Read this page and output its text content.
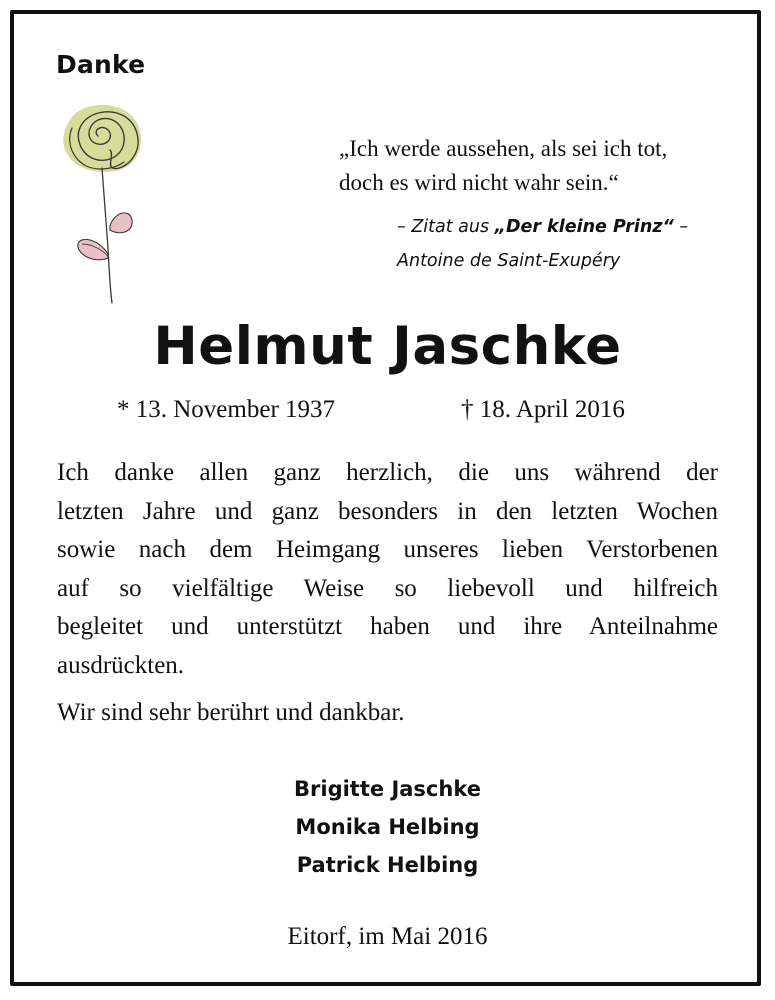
Danke
„Ich werde aussehen, als sei ich tot,
doch es wird nicht wahr sein.“
– Zitat aus „Der kleine Prinz“ –
Antoine de Saint-Exupéry
Helmut Jaschke
* 13. November 1937	† 18. April 2016
Ich danke allen ganz herzlich, die uns während der
letzten Jahre und ganz besonders in den letzten Wochen
sowie nach dem Heimgang unseres lieben Verstorbenen
auf so vielfältige Weise so liebevoll und hilfreich
begleitet und unterstützt haben und ihre Anteilnahme
ausdrückten.
Wir sind sehr berührt und dankbar.
Brigitte Jaschke
Monika Helbing
Patrick Helbing
Eitorf, im Mai 2016
